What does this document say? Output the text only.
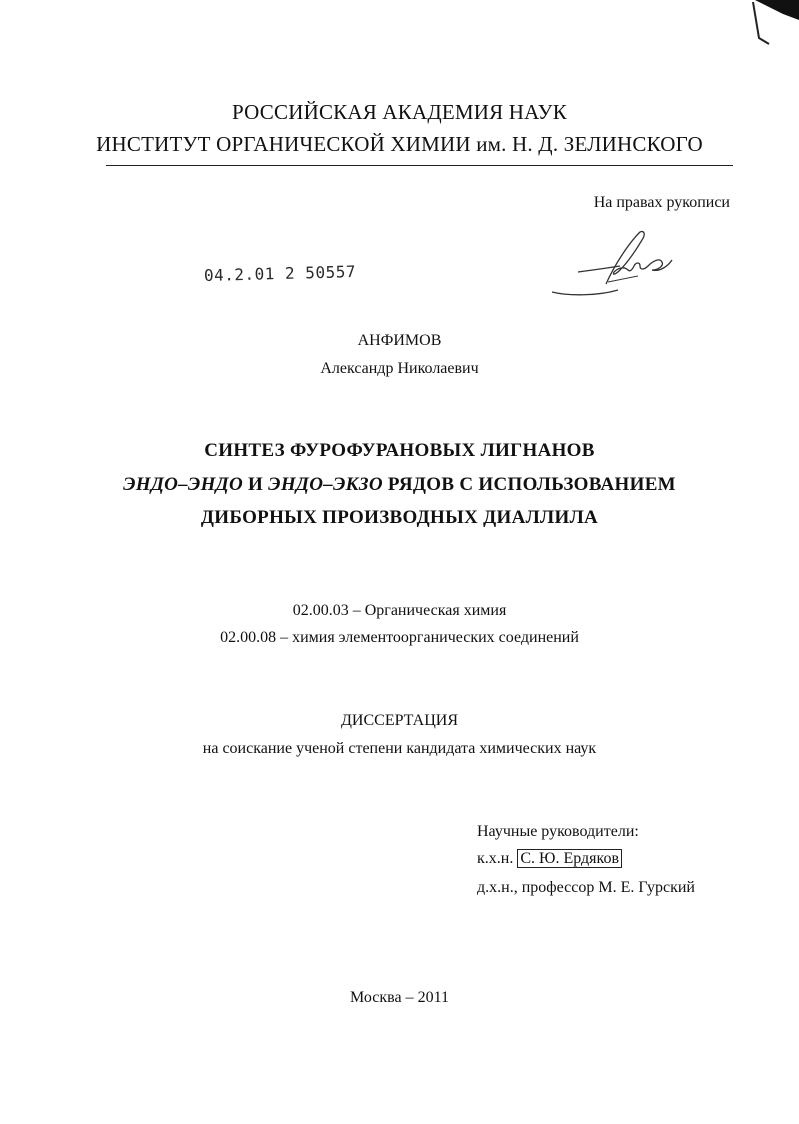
РОССИЙСКАЯ АКАДЕМИЯ НАУК
ИНСТИТУТ ОРГАНИЧЕСКОЙ ХИМИИ им. Н. Д. ЗЕЛИНСКОГО
На правах рукописи
04.2.01 2 50557
АНФИМОВ
Александр Николаевич
СИНТЕЗ ФУРОФУРАНОВЫХ ЛИГНАНОВ
ЭНДО–ЭНДО И ЭНДО–ЭКЗО РЯДОВ С ИСПОЛЬЗОВАНИЕМ
ДИБОРНЫХ ПРОИЗВОДНЫХ ДИАЛЛИЛА
02.00.03 – Органическая химия
02.00.08 – химия элементоорганических соединений
ДИССЕРТАЦИЯ
на соискание ученой степени кандидата химических наук
Научные руководители:
к.х.н. С. Ю. Ердяков
д.х.н., профессор М. Е. Гурский
Москва – 2011
